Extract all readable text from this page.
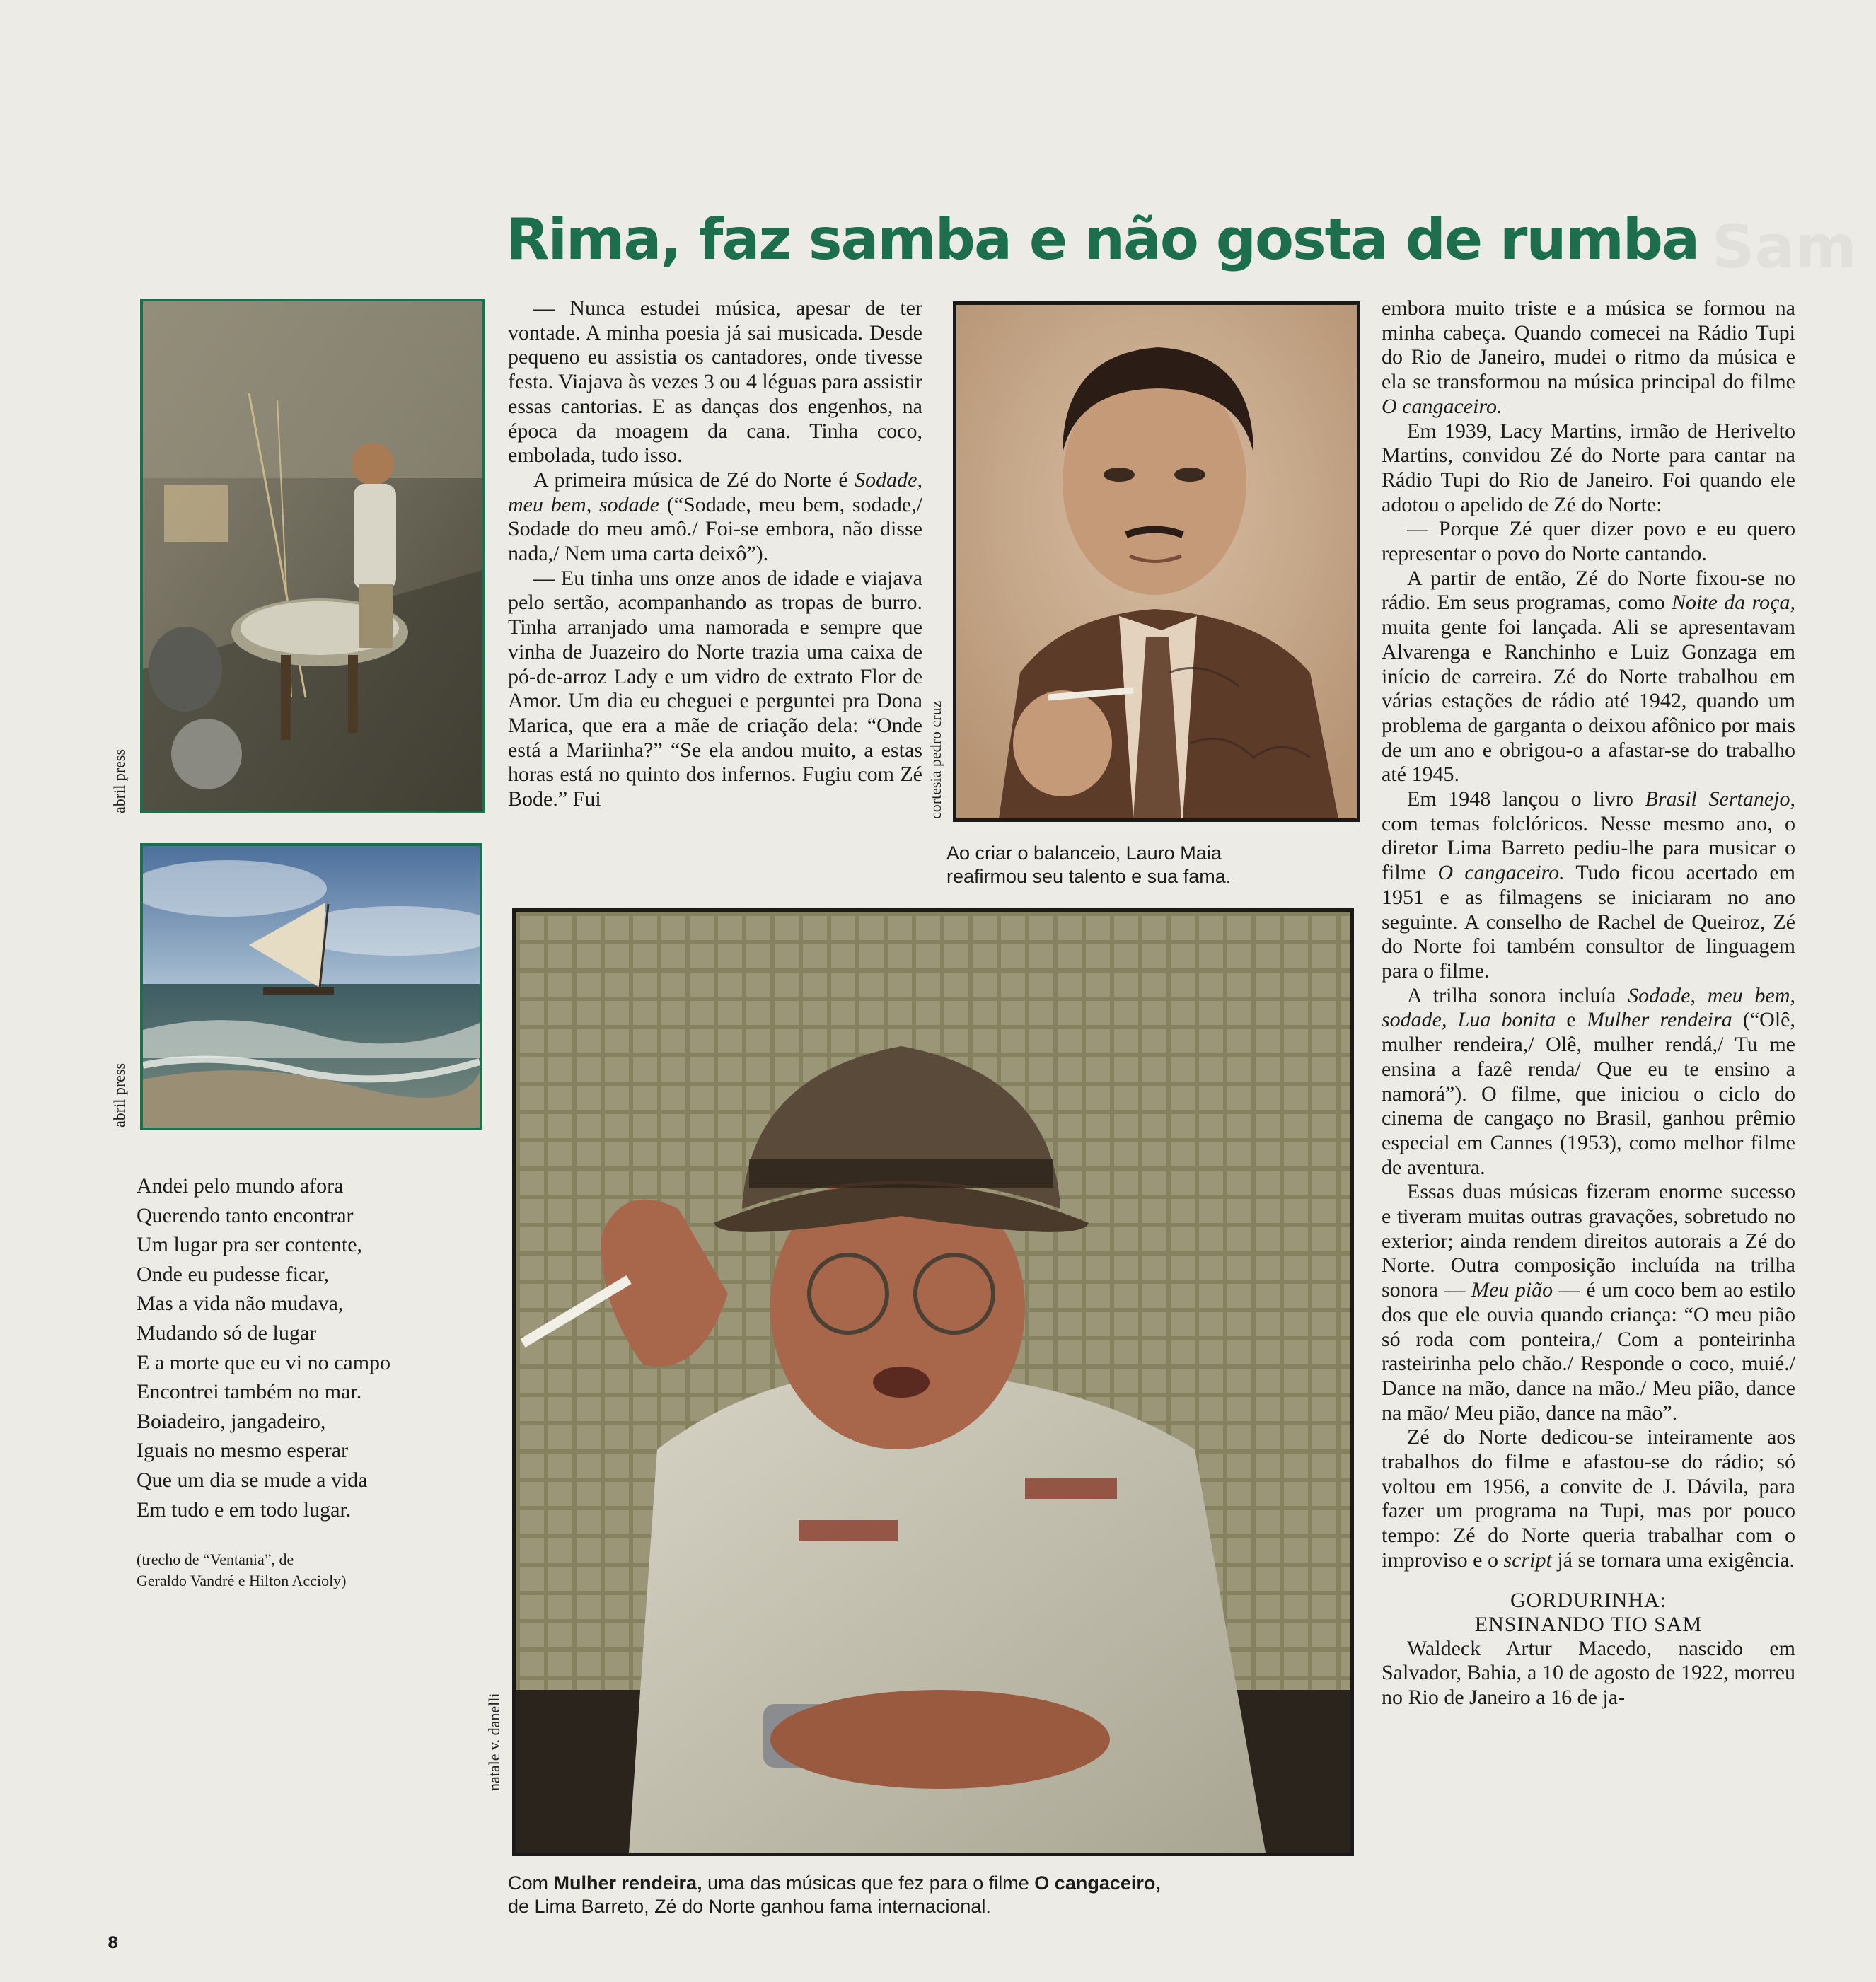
Rima, faz samba e não gosta de rumba Sam
abril press
abril press
Andei pelo mundo afora
Querendo tanto encontrar
Um lugar pra ser contente,
Onde eu pudesse ficar,
Mas a vida não mudava,
Mudando só de lugar
E a morte que eu vi no campo
Encontrei também no mar.
Boiadeiro, jangadeiro,
Iguais no mesmo esperar
Que um dia se mude a vida
Em tudo e em todo lugar.
(trecho de “Ventania”, de
Geraldo Vandré e Hilton Accioly)

— Nunca estudei música, apesar de ter vontade. A minha poesia já sai musicada. Desde pequeno eu assistia os cantadores, onde tivesse festa. Viajava às vezes 3 ou 4 léguas para assistir essas cantorias. E as danças dos engenhos, na época da moagem da cana. Tinha coco, embolada, tudo isso.

A primeira música de Zé do Norte é Sodade, meu bem, sodade (“Sodade, meu bem, sodade,/ Sodade do meu amô./ Foi-se embora, não disse nada,/ Nem uma carta deixô”).

— Eu tinha uns onze anos de idade e viajava pelo sertão, acompanhando as tropas de burro. Tinha arranjado uma namorada e sempre que vinha de Juazeiro do Norte trazia uma caixa de pó-de-arroz Lady e um vidro de extrato Flor de Amor. Um dia eu cheguei e perguntei pra Dona Marica, que era a mãe de criação dela: “Onde está a Mariinha?” “Se ela andou muito, a estas horas está no quinto dos infernos. Fugiu com Zé Bode.” Fui	cortesia pedro cruz
Ao criar o balanceio, Lauro Maia
reafirmou seu talento e sua fama.
natale v. danelli
Com Mulher rendeira, uma das músicas que fez para o filme O cangaceiro,
de Lima Barreto, Zé do Norte ganhou fama internacional.

embora muito triste e a música se formou na minha cabeça. Quando comecei na Rádio Tupi do Rio de Janeiro, mudei o ritmo da música e ela se transformou na música principal do filme O cangaceiro.

Em 1939, Lacy Martins, irmão de Herivelto Martins, convidou Zé do Norte para cantar na Rádio Tupi do Rio de Janeiro. Foi quando ele adotou o apelido de Zé do Norte:

— Porque Zé quer dizer povo e eu quero representar o povo do Norte cantando.

A partir de então, Zé do Norte fixou-se no rádio. Em seus programas, como Noite da roça, muita gente foi lançada. Ali se apresentavam Alvarenga e Ranchinho e Luiz Gonzaga em início de carreira. Zé do Norte trabalhou em várias estações de rádio até 1942, quando um problema de garganta o deixou afônico por mais de um ano e obrigou-o a afastar-se do trabalho até 1945.

Em 1948 lançou o livro Brasil Sertanejo, com temas folclóricos. Nesse mesmo ano, o diretor Lima Barreto pediu-lhe para musicar o filme O cangaceiro. Tudo ficou acertado em 1951 e as filmagens se iniciaram no ano seguinte. A conselho de Rachel de Queiroz, Zé do Norte foi também consultor de linguagem para o filme.

A trilha sonora incluía Sodade, meu bem, sodade, Lua bonita e Mulher rendeira (“Olê, mulher rendeira,/ Olê, mulher rendá,/ Tu me ensina a fazê renda/ Que eu te ensino a namorá”). O filme, que iniciou o ciclo do cinema de cangaço no Brasil, ganhou prêmio especial em Cannes (1953), como melhor filme de aventura.

Essas duas músicas fizeram enorme sucesso e tiveram muitas outras gravações, sobretudo no exterior; ainda rendem direitos autorais a Zé do Norte. Outra composição incluída na trilha sonora — Meu pião — é um coco bem ao estilo dos que ele ouvia quando criança: “O meu pião só roda com ponteira,/ Com a ponteirinha rasteirinha pelo chão./ Responde o coco, muié./ Dance na mão, dance na mão./ Meu pião, dance na mão/ Meu pião, dance na mão”.

Zé do Norte dedicou-se inteiramente aos trabalhos do filme e afastou-se do rádio; só voltou em 1956, a convite de J. Dávila, para fazer um programa na Tupi, mas por pouco tempo: Zé do Norte queria trabalhar com o improviso e o script já se tornara uma exigência.

GORDURINHA:
ENSINANDO TIO SAM

Waldeck Artur Macedo, nascido em Salvador, Bahia, a 10 de agosto de 1922, morreu no Rio de Janeiro a 16 de ja-

8
